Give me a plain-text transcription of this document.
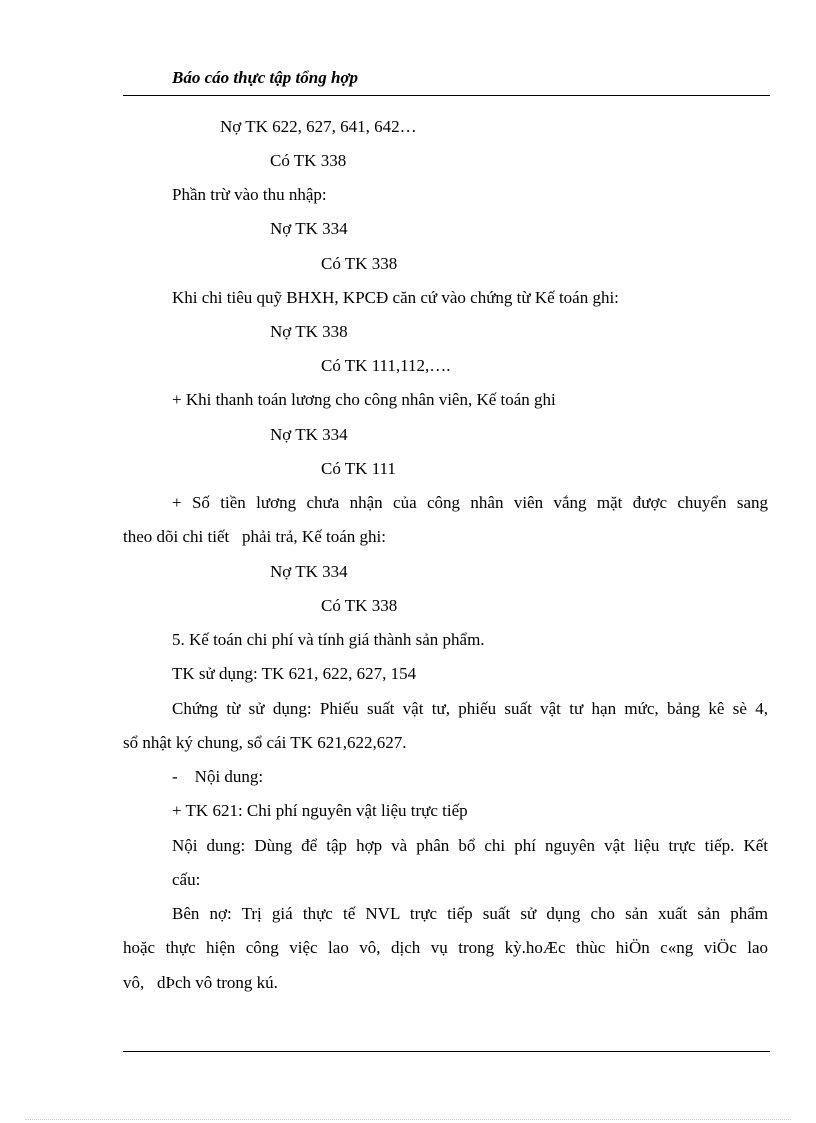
Báo cáo thực tập tổng hợp
Nợ TK 622, 627, 641, 642…
Có TK 338
Phần trừ vào thu nhập:
Nợ TK 334
Có TK 338
Khi chi tiêu quỹ BHXH, KPCĐ căn cứ vào chứng từ Kế toán ghi:
Nợ TK 338
Có TK 111,112,….
+ Khi thanh toán lương cho công nhân viên, Kế toán ghi
Nợ TK 334
Có TK 111
+ Số tiền lương chưa nhận của công nhân viên vắng mặt được chuyển sang
theo dõi chi tiết   phải trả, Kế toán ghi:
Nợ TK 334
Có TK 338
5. Kế toán chi phí và tính giá thành sản phẩm.
TK sử dụng: TK 621, 622, 627, 154
Chứng từ sử dụng: Phiếu suất vật tư, phiếu suất vật tư hạn mức, bảng kê sè 4,
sổ nhật ký chung, sổ cái TK 621,622,627.
-    Nội dung:
+ TK 621: Chi phí nguyên vật liệu trực tiếp
Nội dung: Dùng để tập hợp và phân bổ chi phí nguyên vật liệu trực tiếp. Kết
cấu:
Bên nợ: Trị giá thực tế NVL trực tiếp suất sử dụng cho sản xuất sản phẩm
hoặc thực hiện công việc lao vô, dịch vụ trong kỳ.hoÆc thùc hiÖn c«ng viÖc lao
vô,   dÞch vô trong kú.
